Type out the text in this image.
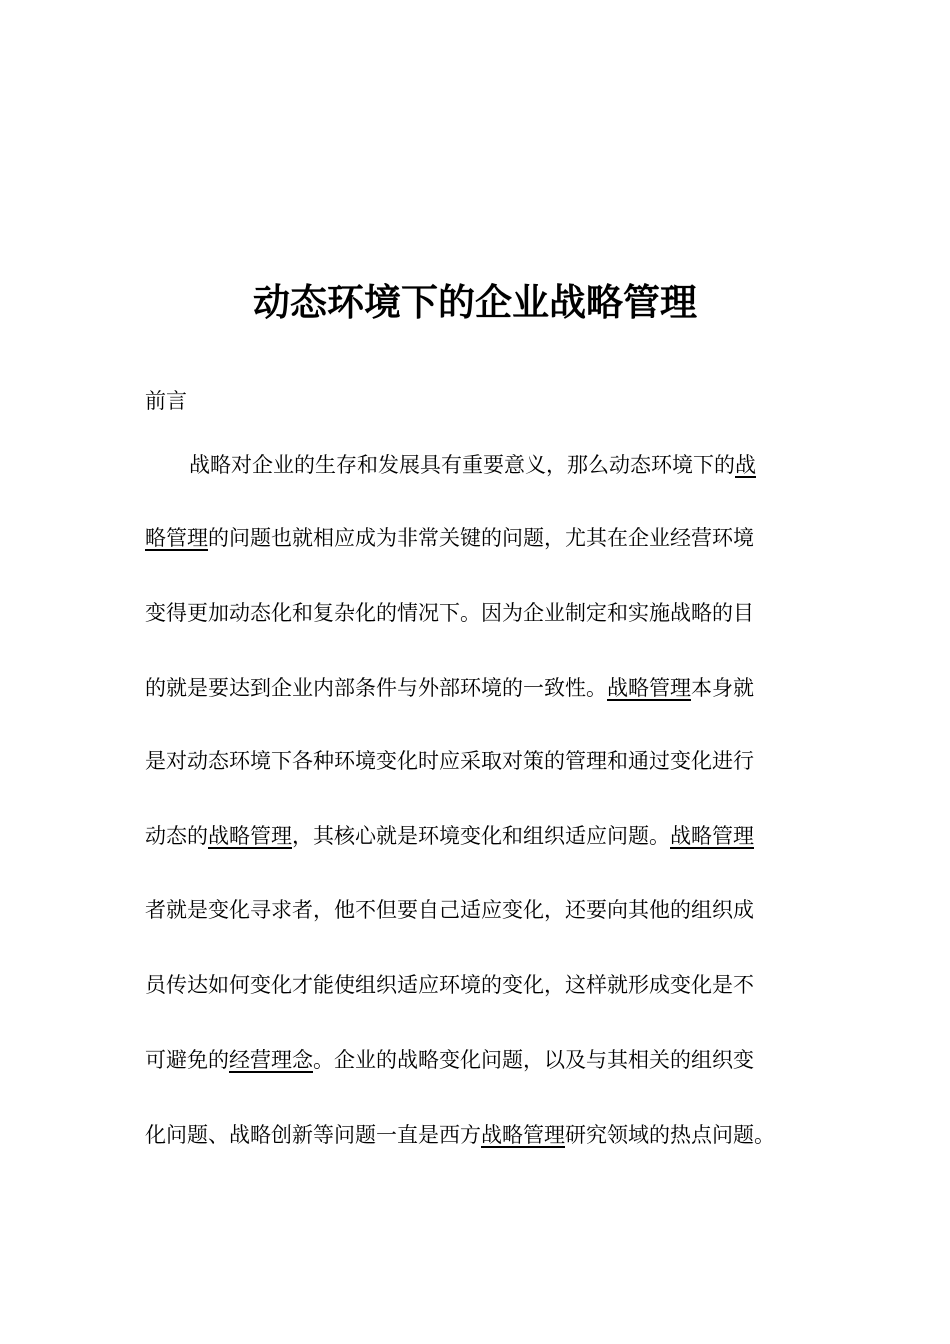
动态环境下的企业战略管理
前言
战略对企业的生存和发展具有重要意义，那么动态环境下的战
略管理的问题也就相应成为非常关键的问题，尤其在企业经营环境
变得更加动态化和复杂化的情况下。因为企业制定和实施战略的目
的就是要达到企业内部条件与外部环境的一致性。战略管理本身就
是对动态环境下各种环境变化时应采取对策的管理和通过变化进行
动态的战略管理，其核心就是环境变化和组织适应问题。战略管理
者就是变化寻求者，他不但要自己适应变化，还要向其他的组织成
员传达如何变化才能使组织适应环境的变化，这样就形成变化是不
可避免的经营理念。企业的战略变化问题，以及与其相关的组织变
化问题、战略创新等问题一直是西方战略管理研究领域的热点问题。
